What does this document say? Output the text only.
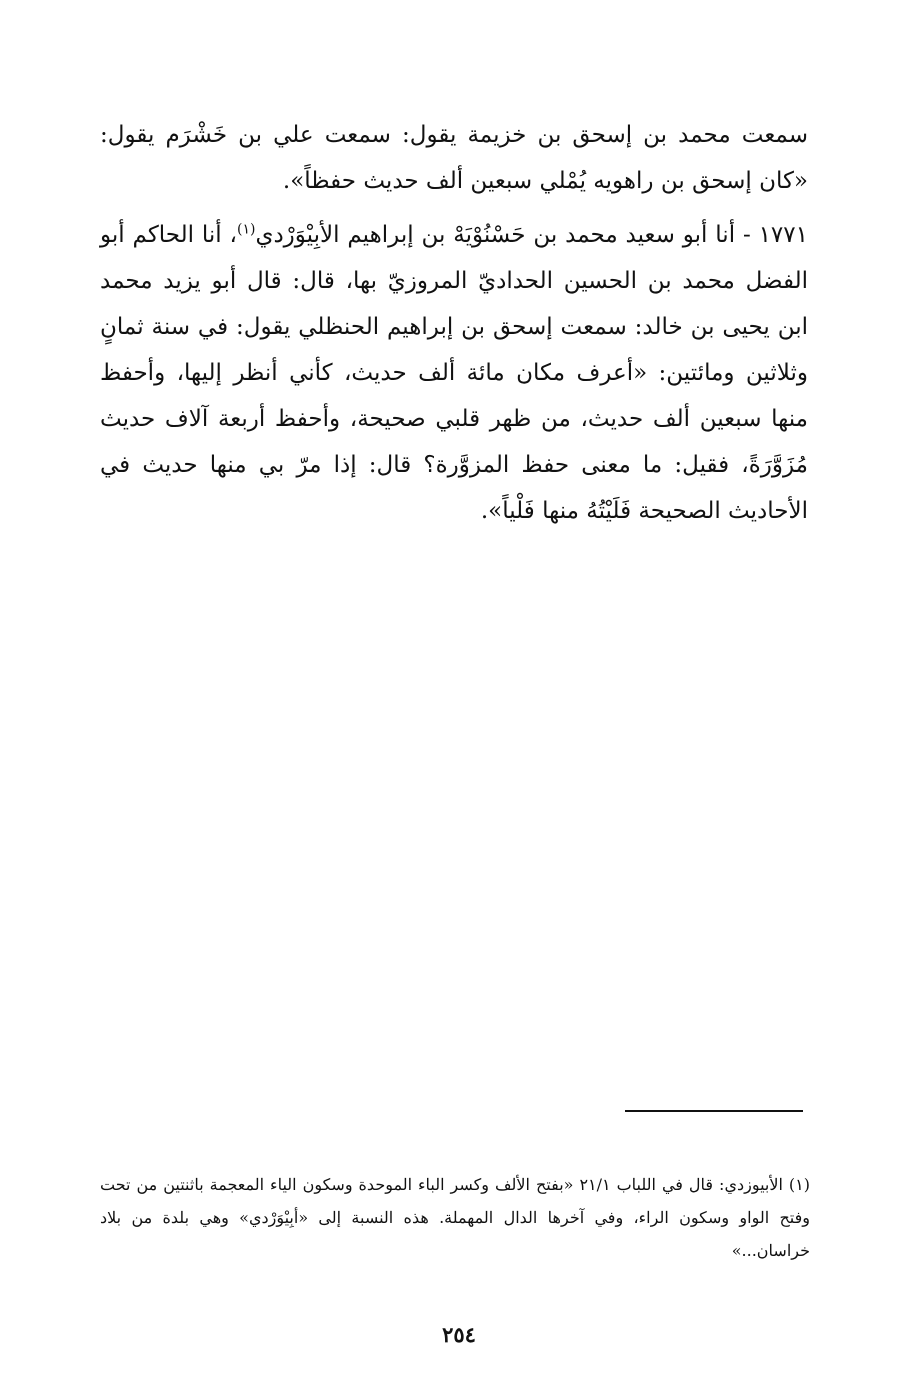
سمعت محمد بن إسحق بن خزيمة يقول: سمعت علي بن خَشْرَم يقول: «كان إسحق بن راهويه يُمْلي سبعين ألف حديث حفظاً».

١٧٧١ - أنا أبو سعيد محمد بن حَسْنُوْيَهْ بن إبراهيم الأبِيْوَرْدي$^{(١)}$، أنا الحاكم أبو الفضل محمد بن الحسين الحداديّ المروزيّ بها، قال: قال أبو يزيد محمد ابن يحيى بن خالد: سمعت إسحق بن إبراهيم الحنظلي يقول: في سنة ثمانٍ وثلاثين ومائتين: «أعرف مكان مائة ألف حديث، كأني أنظر إليها، وأحفظ منها سبعين ألف حديث، من ظهر قلبي صحيحة، وأحفظ أربعة آلاف حديث مُزَوَّرَةً، فقيل: ما معنى حفظ المزوَّرة؟ قال: إذا مرّ بي منها حديث في الأحاديث الصحيحة فَلَيْتُهُ منها فَلْياً».

(١) الأبيوزدي: قال في اللباب ٢١/١ «بفتح الألف وكسر الباء الموحدة وسكون الياء المعجمة باثنتين من تحت وفتح الواو وسكون الراء، وفي آخرها الدال المهملة. هذه النسبة إلى «أبِيْوَرْدي» وهي بلدة من بلاد خراسان...»

٢٥٤
